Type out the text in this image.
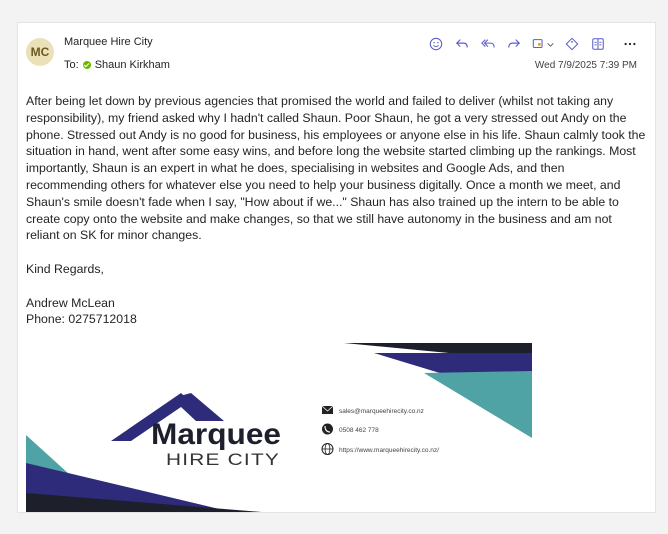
MC
Marquee Hire City
To: Shaun Kirkham	Wed 7/9/2025 7:39 PM

After being let down by previous agencies that promised the world and failed to deliver (whilst not taking any responsibility), my friend asked why I hadn't called Shaun. Poor Shaun, he got a very stressed out Andy on the phone. Stressed out Andy is no good for business, his employees or anyone else in his life. Shaun calmly took the situation in hand, went after some easy wins, and before long the website started climbing up the rankings. Most importantly, Shaun is an expert in what he does, specialising in websites and Google Ads, and then recommending others for whatever else you need to help your business digitally. Once a month we meet, and Shaun's smile doesn't fade when I say, "How about if we..." Shaun has also trained up the intern to be able to create copy onto the website and make changes, so that we still have autonomy in the business and am not reliant on SK for minor changes.

Kind Regards,

Andrew McLean

Phone: 0275712018

Marquee
HIRE CITY
sales@marqueehirecity.co.nz
0508 462 778
https://www.marqueehirecity.co.nz/
